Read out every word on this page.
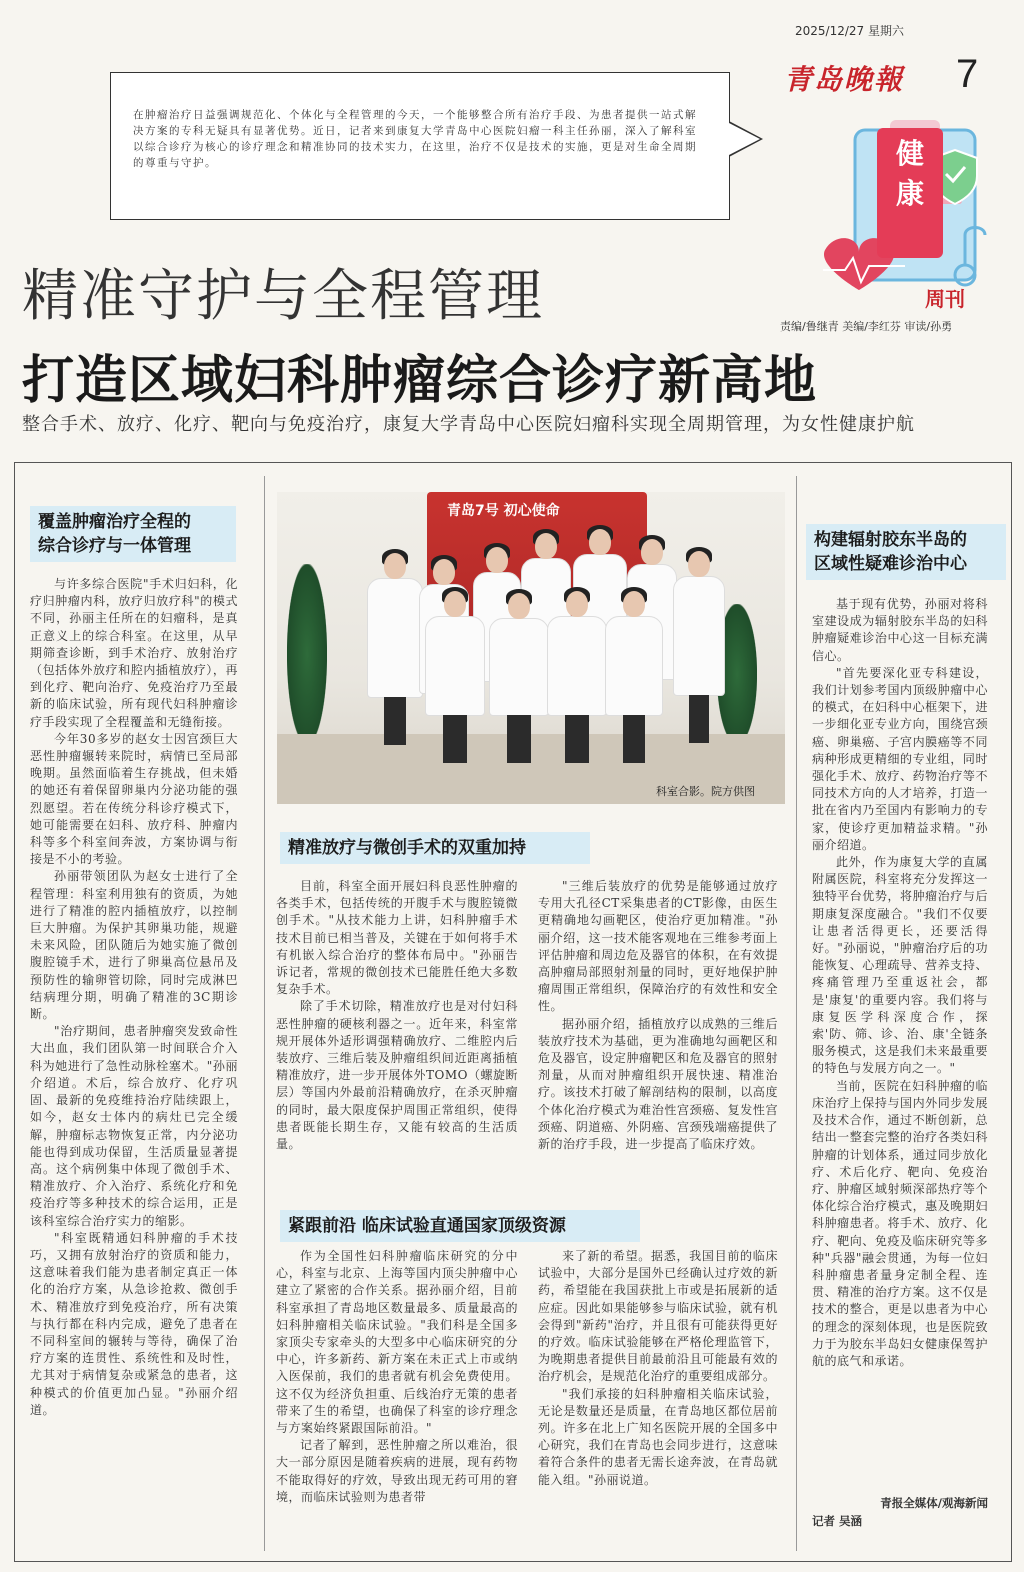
2025/12/27 星期六
7
青岛晚報

在肿瘤治疗日益强调规范化、个体化与全程管理的今天，一个能够整合所有治疗手段、为患者提供一站式解决方案的专科无疑具有显著优势。近日，记者来到康复大学青岛中心医院妇瘤一科主任孙丽，深入了解科室以综合诊疗为核心的诊疗理念和精准协同的技术实力，在这里，治疗不仅是技术的实施，更是对生命全周期的尊重与守护。	健
康
周刊
责编/鲁继青 美编/李红芬 审读/孙勇
精准守护与全程管理
打造区域妇科肿瘤综合诊疗新高地
整合手术、放疗、化疗、靶向与免疫治疗，康复大学青岛中心医院妇瘤科实现全周期管理，为女性健康护航
覆盖肿瘤治疗全程的
综合诊疗与一体管理

与许多综合医院"手术归妇科，化疗归肿瘤内科，放疗归放疗科"的模式不同，孙丽主任所在的妇瘤科，是真正意义上的综合科室。在这里，从早期筛查诊断，到手术治疗、放射治疗（包括体外放疗和腔内插植放疗），再到化疗、靶向治疗、免疫治疗乃至最新的临床试验，所有现代妇科肿瘤诊疗手段实现了全程覆盖和无缝衔接。

今年30多岁的赵女士因宫颈巨大恶性肿瘤辗转来院时，病情已至局部晚期。虽然面临着生存挑战，但未婚的她还有着保留卵巢内分泌功能的强烈愿望。若在传统分科诊疗模式下，她可能需要在妇科、放疗科、肿瘤内科等多个科室间奔波，方案协调与衔接是不小的考验。

孙丽带领团队为赵女士进行了全程管理：科室利用独有的资质，为她进行了精准的腔内插植放疗，以控制巨大肿瘤。为保护其卵巢功能，规避未来风险，团队随后为她实施了微创腹腔镜手术，进行了卵巢高位悬吊及预防性的输卵管切除，同时完成淋巴结病理分期，明确了精准的3C期诊断。

"治疗期间，患者肿瘤突发致命性大出血，我们团队第一时间联合介入科为她进行了急性动脉栓塞术。"孙丽介绍道。术后，综合放疗、化疗巩固、最新的免疫维持治疗陆续跟上，如今，赵女士体内的病灶已完全缓解，肿瘤标志物恢复正常，内分泌功能也得到成功保留，生活质量显著提高。这个病例集中体现了微创手术、精准放疗、介入治疗、系统化疗和免疫治疗等多种技术的综合运用，正是该科室综合治疗实力的缩影。

"科室既精通妇科肿瘤的手术技巧，又拥有放射治疗的资质和能力，这意味着我们能为患者制定真正一体化的治疗方案，从急诊抢救、微创手术、精准放疗到免疫治疗，所有决策与执行都在科内完成，避免了患者在不同科室间的辗转与等待，确保了治疗方案的连贯性、系统性和及时性，尤其对于病情复杂或紧急的患者，这种模式的价值更加凸显。"孙丽介绍道。

青岛7号 初心使命
科室合影。院方供图
精准放疗与微创手术的双重加持

目前，科室全面开展妇科良恶性肿瘤的各类手术，包括传统的开腹手术与腹腔镜微创手术。"从技术能力上讲，妇科肿瘤手术技术目前已相当普及，关键在于如何将手术有机嵌入综合治疗的整体布局中。"孙丽告诉记者，常规的微创技术已能胜任绝大多数复杂手术。

除了手术切除，精准放疗也是对付妇科恶性肿瘤的硬核利器之一。近年来，科室常规开展体外适形调强精确放疗、二维腔内后装放疗、三维后装及肿瘤组织间近距离插植精准放疗，进一步开展体外TOMO（螺旋断层）等国内外最前沿精确放疗，在杀灭肿瘤的同时，最大限度保护周围正常组织，使得患者既能长期生存，又能有较高的生活质量。

"三维后装放疗的优势是能够通过放疗专用大孔径CT采集患者的CT影像，由医生更精确地勾画靶区，使治疗更加精准。"孙丽介绍，这一技术能客观地在三维参考面上评估肿瘤和周边危及器官的体积，在有效提高肿瘤局部照射剂量的同时，更好地保护肿瘤周围正常组织，保障治疗的有效性和安全性。

据孙丽介绍，插植放疗以成熟的三维后装放疗技术为基础，更为准确地勾画靶区和危及器官，设定肿瘤靶区和危及器官的照射剂量，从而对肿瘤组织开展快速、精准治疗。该技术打破了解剖结构的限制，以高度个体化治疗模式为难治性宫颈癌、复发性宫颈癌、阴道癌、外阴癌、宫颈残端癌提供了新的治疗手段，进一步提高了临床疗效。

紧跟前沿 临床试验直通国家顶级资源

作为全国性妇科肿瘤临床研究的分中心，科室与北京、上海等国内顶尖肿瘤中心建立了紧密的合作关系。据孙丽介绍，目前科室承担了青岛地区数量最多、质量最高的妇科肿瘤相关临床试验。"我们科是全国多家顶尖专家牵头的大型多中心临床研究的分中心，许多新药、新方案在未正式上市或纳入医保前，我们的患者就有机会免费使用。这不仅为经济负担重、后线治疗无策的患者带来了生的希望，也确保了科室的诊疗理念与方案始终紧跟国际前沿。"

记者了解到，恶性肿瘤之所以难治，很大一部分原因是随着疾病的进展，现有药物不能取得好的疗效，导致出现无药可用的窘境，而临床试验则为患者带

来了新的希望。据悉，我国目前的临床试验中，大部分是国外已经确认过疗效的新药，希望能在我国获批上市或是拓展新的适应症。因此如果能够参与临床试验，就有机会得到"新药"治疗，并且很有可能获得更好的疗效。临床试验能够在严格伦理监管下，为晚期患者提供目前最前沿且可能最有效的治疗机会，是规范化治疗的重要组成部分。

"我们承接的妇科肿瘤相关临床试验，无论是数量还是质量，在青岛地区都位居前列。许多在北上广知名医院开展的全国多中心研究，我们在青岛也会同步进行，这意味着符合条件的患者无需长途奔波，在青岛就能入组。"孙丽说道。

构建辐射胶东半岛的
区域性疑难诊治中心

基于现有优势，孙丽对将科室建设成为辐射胶东半岛的妇科肿瘤疑难诊治中心这一目标充满信心。

"首先要深化亚专科建设，我们计划参考国内顶级肿瘤中心的模式，在妇科中心框架下，进一步细化亚专业方向，围绕宫颈癌、卵巢癌、子宫内膜癌等不同病种形成更精细的专业组，同时强化手术、放疗、药物治疗等不同技术方向的人才培养，打造一批在省内乃至国内有影响力的专家，使诊疗更加精益求精。"孙丽介绍道。

此外，作为康复大学的直属附属医院，科室将充分发挥这一独特平台优势，将肿瘤治疗与后期康复深度融合。"我们不仅要让患者活得更长，还要活得好。"孙丽说，"肿瘤治疗后的功能恢复、心理疏导、营养支持、疼痛管理乃至重返社会，都是'康复'的重要内容。我们将与康复医学科深度合作，探索'防、筛、诊、治、康'全链条服务模式，这是我们未来最重要的特色与发展方向之一。"

当前，医院在妇科肿瘤的临床治疗上保持与国内外同步发展及技术合作，通过不断创新，总结出一整套完整的治疗各类妇科肿瘤的计划体系，通过同步放化疗、术后化疗、靶向、免疫治疗、肿瘤区域射频深部热疗等个体化综合治疗模式，惠及晚期妇科肿瘤患者。将手术、放疗、化疗、靶向、免疫及临床研究等多种"兵器"融会贯通，为每一位妇科肿瘤患者量身定制全程、连贯、精准的治疗方案。这不仅是技术的整合，更是以患者为中心的理念的深刻体现，也是医院致力于为胶东半岛妇女健康保驾护航的底气和承诺。

青报全媒体/观海新闻
记者 吴涵
